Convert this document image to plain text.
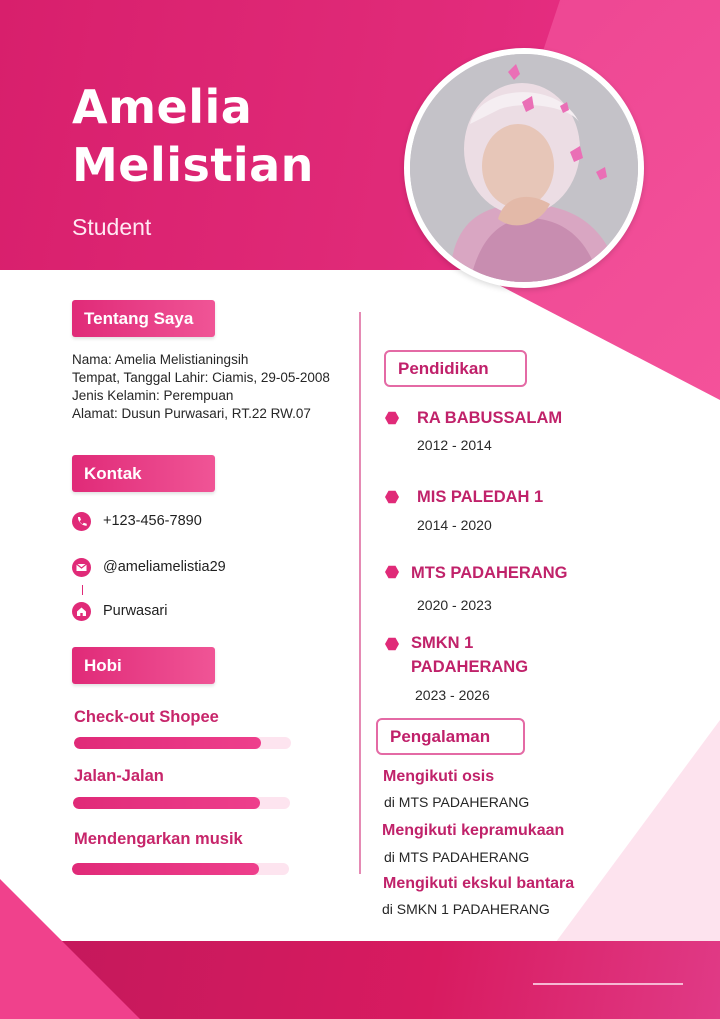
Amelia
Melistian
Student
Tentang Saya
Nama: Amelia Melistianingsih
Tempat, Tanggal Lahir: Ciamis, 29-05-2008
Jenis Kelamin: Perempuan
Alamat: Dusun Purwasari, RT.22 RW.07
Kontak
+123-456-7890
@ameliamelistia29
Purwasari
Hobi
Check-out Shopee
Jalan-Jalan
Mendengarkan musik
Pendidikan
RA BABUSSALAM
2012 - 2014
MIS PALEDAH 1
2014 - 2020
MTS PADAHERANG
2020 - 2023
SMKN 1 PADAHERANG
2023 - 2026
Pengalaman
Mengikuti osis
di MTS PADAHERANG
Mengikuti kepramukaan
di MTS PADAHERANG
Mengikuti ekskul bantara
di SMKN 1 PADAHERANG
